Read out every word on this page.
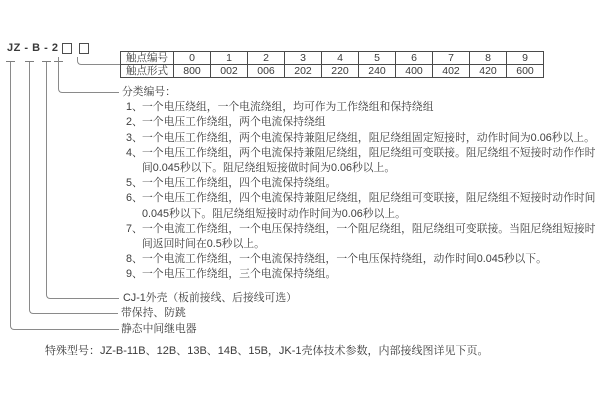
JZ - B - 2
触点编号	0	1	2	3	4	5	6	7	8	9
触点形式	800	002	006	202	220	240	400	402	420	600
分类编号：
1、 一个电压绕组，一个电流绕组，均可作为工作绕组和保持绕组
2、 一个电压工作绕组，两个电流保持绕组
3、 一个电压工作绕组，两个电流保持兼阻尼绕组，阻尼绕组固定短接时，动作时间为0.06秒以上。
4、 一个电压工作绕组，两个电流保持兼阻尼绕组，阻尼绕组可变联接。阻尼绕组不短接时动作作时
间0.045秒以下。阻尼绕组短接做时间为0.06秒以上。
5、 一个电压工作绕组，四个电流保持绕组。
6、 一个电压工作绕组，四个电流保持兼阻尼绕组，阻尼绕组可变联接，阻尼绕组不短接时动作时间
0.045秒以下。阻尼绕组短接时动作时间为0.06秒以上。
7、 一个电流工作绕组，一个电压保持绕组，一个阻尼绕组，阻尼绕组可变联接。当阻尼绕组短接时
间返回时间在0.5秒以上。
8、 一个电流工作绕组，一个电流保持绕组，一个电压保持绕组，动作时间0.045秒以下。
9、 一个电压工作绕组，三个电流保持绕组。
CJ-1外壳（板前接线、后接线可选）
带保持、防跳
静态中间继电器
特殊型号：JZ-B-11B、12B、13B、14B、15B，JK-1壳体技术参数，内部接线图详见下页。
